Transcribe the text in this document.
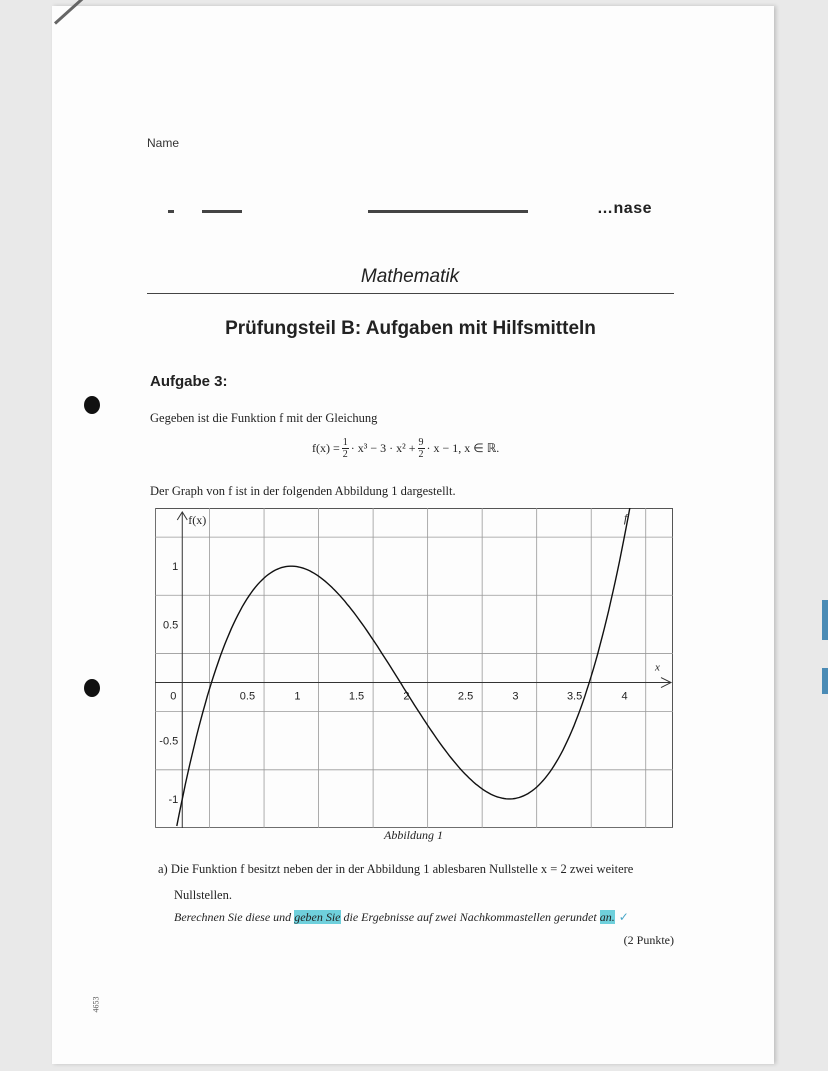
Name
…nase
Mathematik
Prüfungsteil B: Aufgaben mit Hilfsmitteln
Aufgabe 3:
Gegeben ist die Funktion f mit der Gleichung
$f(x) = \frac{1}{2} \cdot x^3 - 3 \cdot x^2 + \frac{9}{2} \cdot x - 1$, x ∈ ℝ.
Der Graph von f ist in der folgenden Abbildung 1 dargestellt.
0	0.5	1	1.5	2	2.5	3	3.5	4
1
0.5
-0.5
-1
x
f(x)	f
Abbildung 1
a) Die Funktion f besitzt neben der in der Abbildung 1 ablesbaren Nullstelle x = 2 zwei weitere
Nullstellen.
Berechnen Sie diese und geben Sie die Ergebnisse auf zwei Nachkommastellen gerundet an. ✓
(2 Punkte)
4653
